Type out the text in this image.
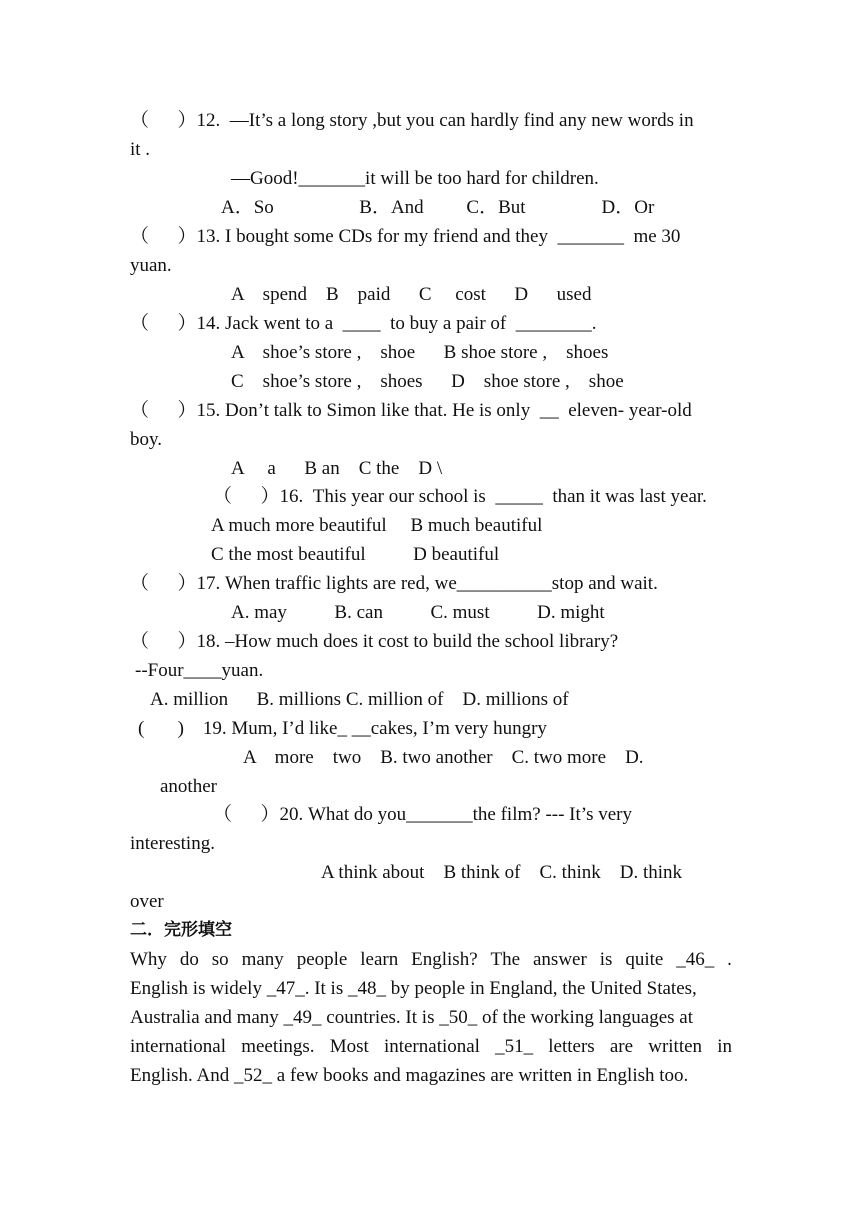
（      ）12.  —It’s a long story ,but you can hardly find any new words in
it .
—Good!_______it will be too hard for children.
A．So                  B．And         C．But                D．Or
（      ）13. I bought some CDs for my friend and they  _______  me 30
yuan.
A    spend    B    paid      C     cost      D      used
（      ）14. Jack went to a  ____  to buy a pair of  ________.
A    shoe’s store ,    shoe      B shoe store ,    shoes
C    shoe’s store ,    shoes      D    shoe store ,    shoe
（      ）15. Don’t talk to Simon like that. He is only  __  eleven- year-old
boy.
A     a      B an    C the    D \
（      ）16.  This year our school is  _____  than it was last year.
A much more beautiful     B much beautiful
C the most beautiful          D beautiful
（      ）17. When traffic lights are red, we__________stop and wait.
A. may          B. can          C. must          D. might
（      ）18. –How much does it cost to build the school library?
--Four____yuan.
A. million      B. millions C. million of    D. millions of
(       )    19. Mum, I’d like_ __cakes, I’m very hungry
A    more    two    B. two another    C. two more    D.
another
（      ）20. What do you_______the film? --- It’s very
interesting.
A think about    B think of    C. think    D. think
over
二．完形填空
Why do so many people learn English? The answer is quite _46_ .
English is widely _47_. It is _48_ by people in England, the United States,
Australia and many _49_ countries. It is _50_ of the working languages at
international meetings. Most international _51_ letters are written in
English. And _52_ a few books and magazines are written in English too.
